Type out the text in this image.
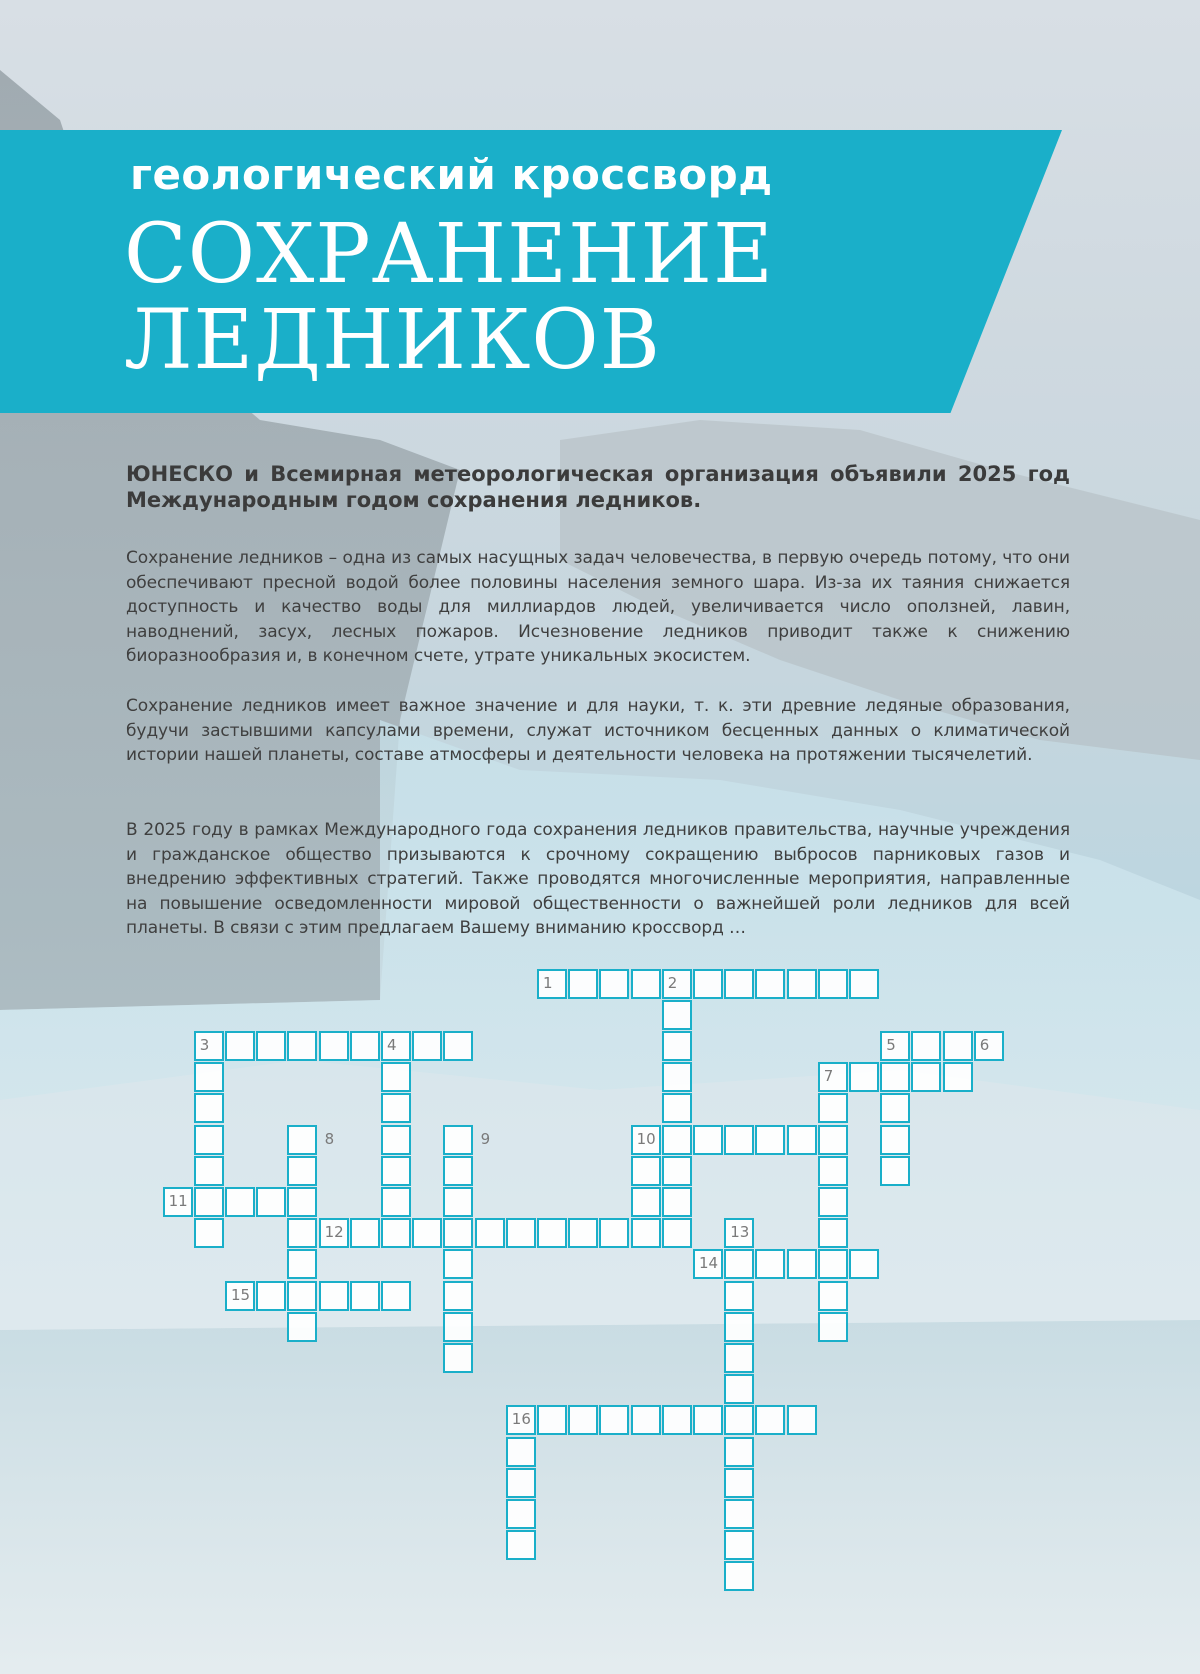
геологический кроссворд
СОХРАНЕНИЕ
ЛЕДНИКОВ

ЮНЕСКО и Всемирная метеорологическая организация объявили 2025 год Международным годом сохранения ледников.

Сохранение ледников – одна из самых насущных задач человечества, в первую очередь потому, что они обеспечивают пресной водой более половины населения земного шара. Из-за их таяния снижается доступность и качество воды для миллиардов людей, увеличивается число оползней, лавин, наводнений, засух, лесных пожаров. Исчезновение ледников приводит также к снижению биоразнообразия и, в конечном счете, утрате уникальных экосистем.

Сохранение ледников имеет важное значение и для науки, т. к. эти древние ледяные образования, будучи застывшими капсулами времени, служат источником бесценных данных о климатической истории нашей планеты, составе атмосферы и деятельности человека на протяжении тысячелетий.

В 2025 году в рамках Международного года сохранения ледников правительства, научные учреждения и гражданское общество призываются к срочному сокращению выбросов парниковых газов и внедрению эффективных стратегий. Также проводятся многочисленные мероприятия, направленные на повышение осведомленности мировой общественности о важнейшей роли ледников для всей планеты. В связи с этим предлагаем Вашему вниманию кроссворд …

1	2
3	4	5	6
7
8	9	10
11
12	13
14
15
16
